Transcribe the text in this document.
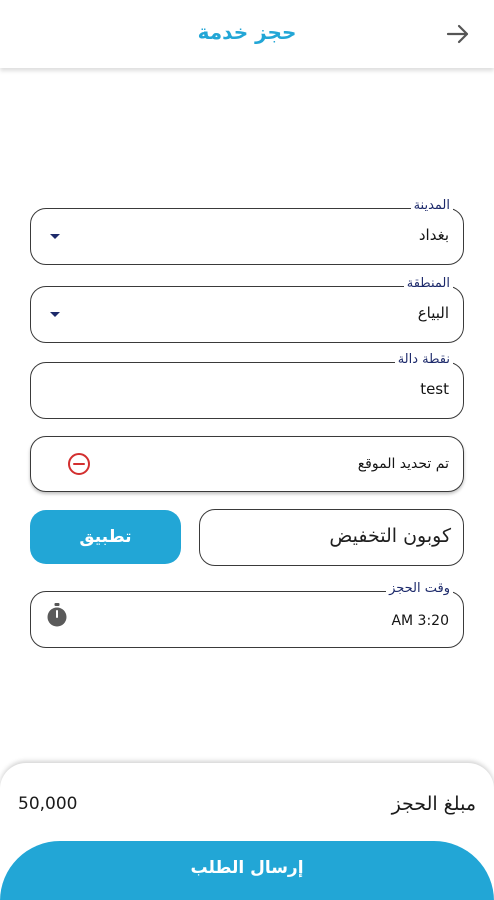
حجز خدمة
المدينة
بغداد
المنطقة
البياع
نقطة دالة
test
تم تحديد الموقع
كوبون التخفيض
تطبيق
وقت الحجز
AM 3:20
مبلغ الحجز
50,000
إرسال الطلب
